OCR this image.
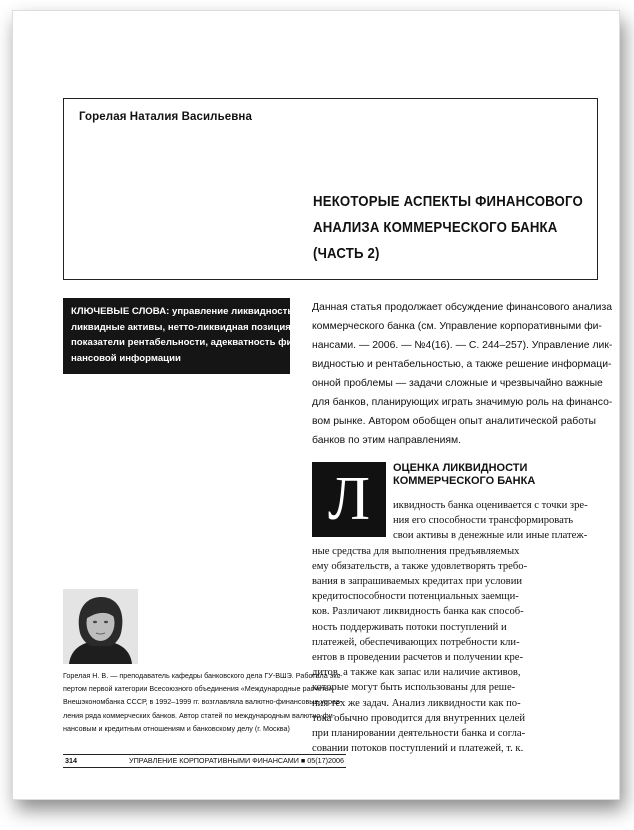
Горелая Наталия Васильевна
НЕКОТОРЫЕ АСПЕКТЫ ФИНАНСОВОГО
АНАЛИЗА КОММЕРЧЕСКОГО БАНКА
(ЧАСТЬ 2)
КЛЮЧЕВЫЕ СЛОВА: управление ликвидностью,
ликвидные активы, нетто-ликвидная позиция,
показатели рентабельности, адекватность фи-
нансовой информации
Данная статья продолжает обсуждение финансового анализа
коммерческого банка (см. Управление корпоративными фи-
нансами. — 2006. — №4(16). — С. 244–257). Управление лик-
видностью и рентабельностью, а также решение информаци-
онной проблемы — задачи сложные и чрезвычайно важные
для банков, планирующих играть значимую роль на финансо-
вом рынке. Автором обобщен опыт аналитической работы
банков по этим направлениям.
Л	ОЦЕНКА ЛИКВИДНОСТИ
КОММЕРЧЕСКОГО БАНКА
иквидность банка оценивается с точки зре-
ния его способности трансформировать
свои активы в денежные или иные платеж-
ные средства для выполнения предъявляемых
ему обязательств, а также удовлетворять требо-
вания в запрашиваемых кредитах при условии
кредитоспособности потенциальных заемщи-
ков. Различают ликвидность банка как способ-
ность поддерживать потоки поступлений и
платежей, обеспечивающих потребности кли-
ентов в проведении расчетов и получении кре-
дитов, а также как запас или наличие активов,
которые могут быть использованы для реше-
ния тех же задач. Анализ ликвидности как по-
тока обычно проводится для внутренних целей
при планировании деятельности банка и согла-
совании потоков поступлений и платежей, т. к.
Горелая Н. В. — преподаватель кафедры банковского дела ГУ-ВШЭ. Работала экс-
пертом первой категории Всесоюзного объединения «Международные расчеты»
Внешэкономбанка СССР, в 1992–1999 гг. возглавляла валютно-финансовые управ-
ления ряда коммерческих банков. Автор статей по международным валютно-фи-
нансовым и кредитным отношениям и банковскому делу (г. Москва)
314	УПРАВЛЕНИЕ КОРПОРАТИВНЫМИ ФИНАНСАМИ ■ 05(17)2006
